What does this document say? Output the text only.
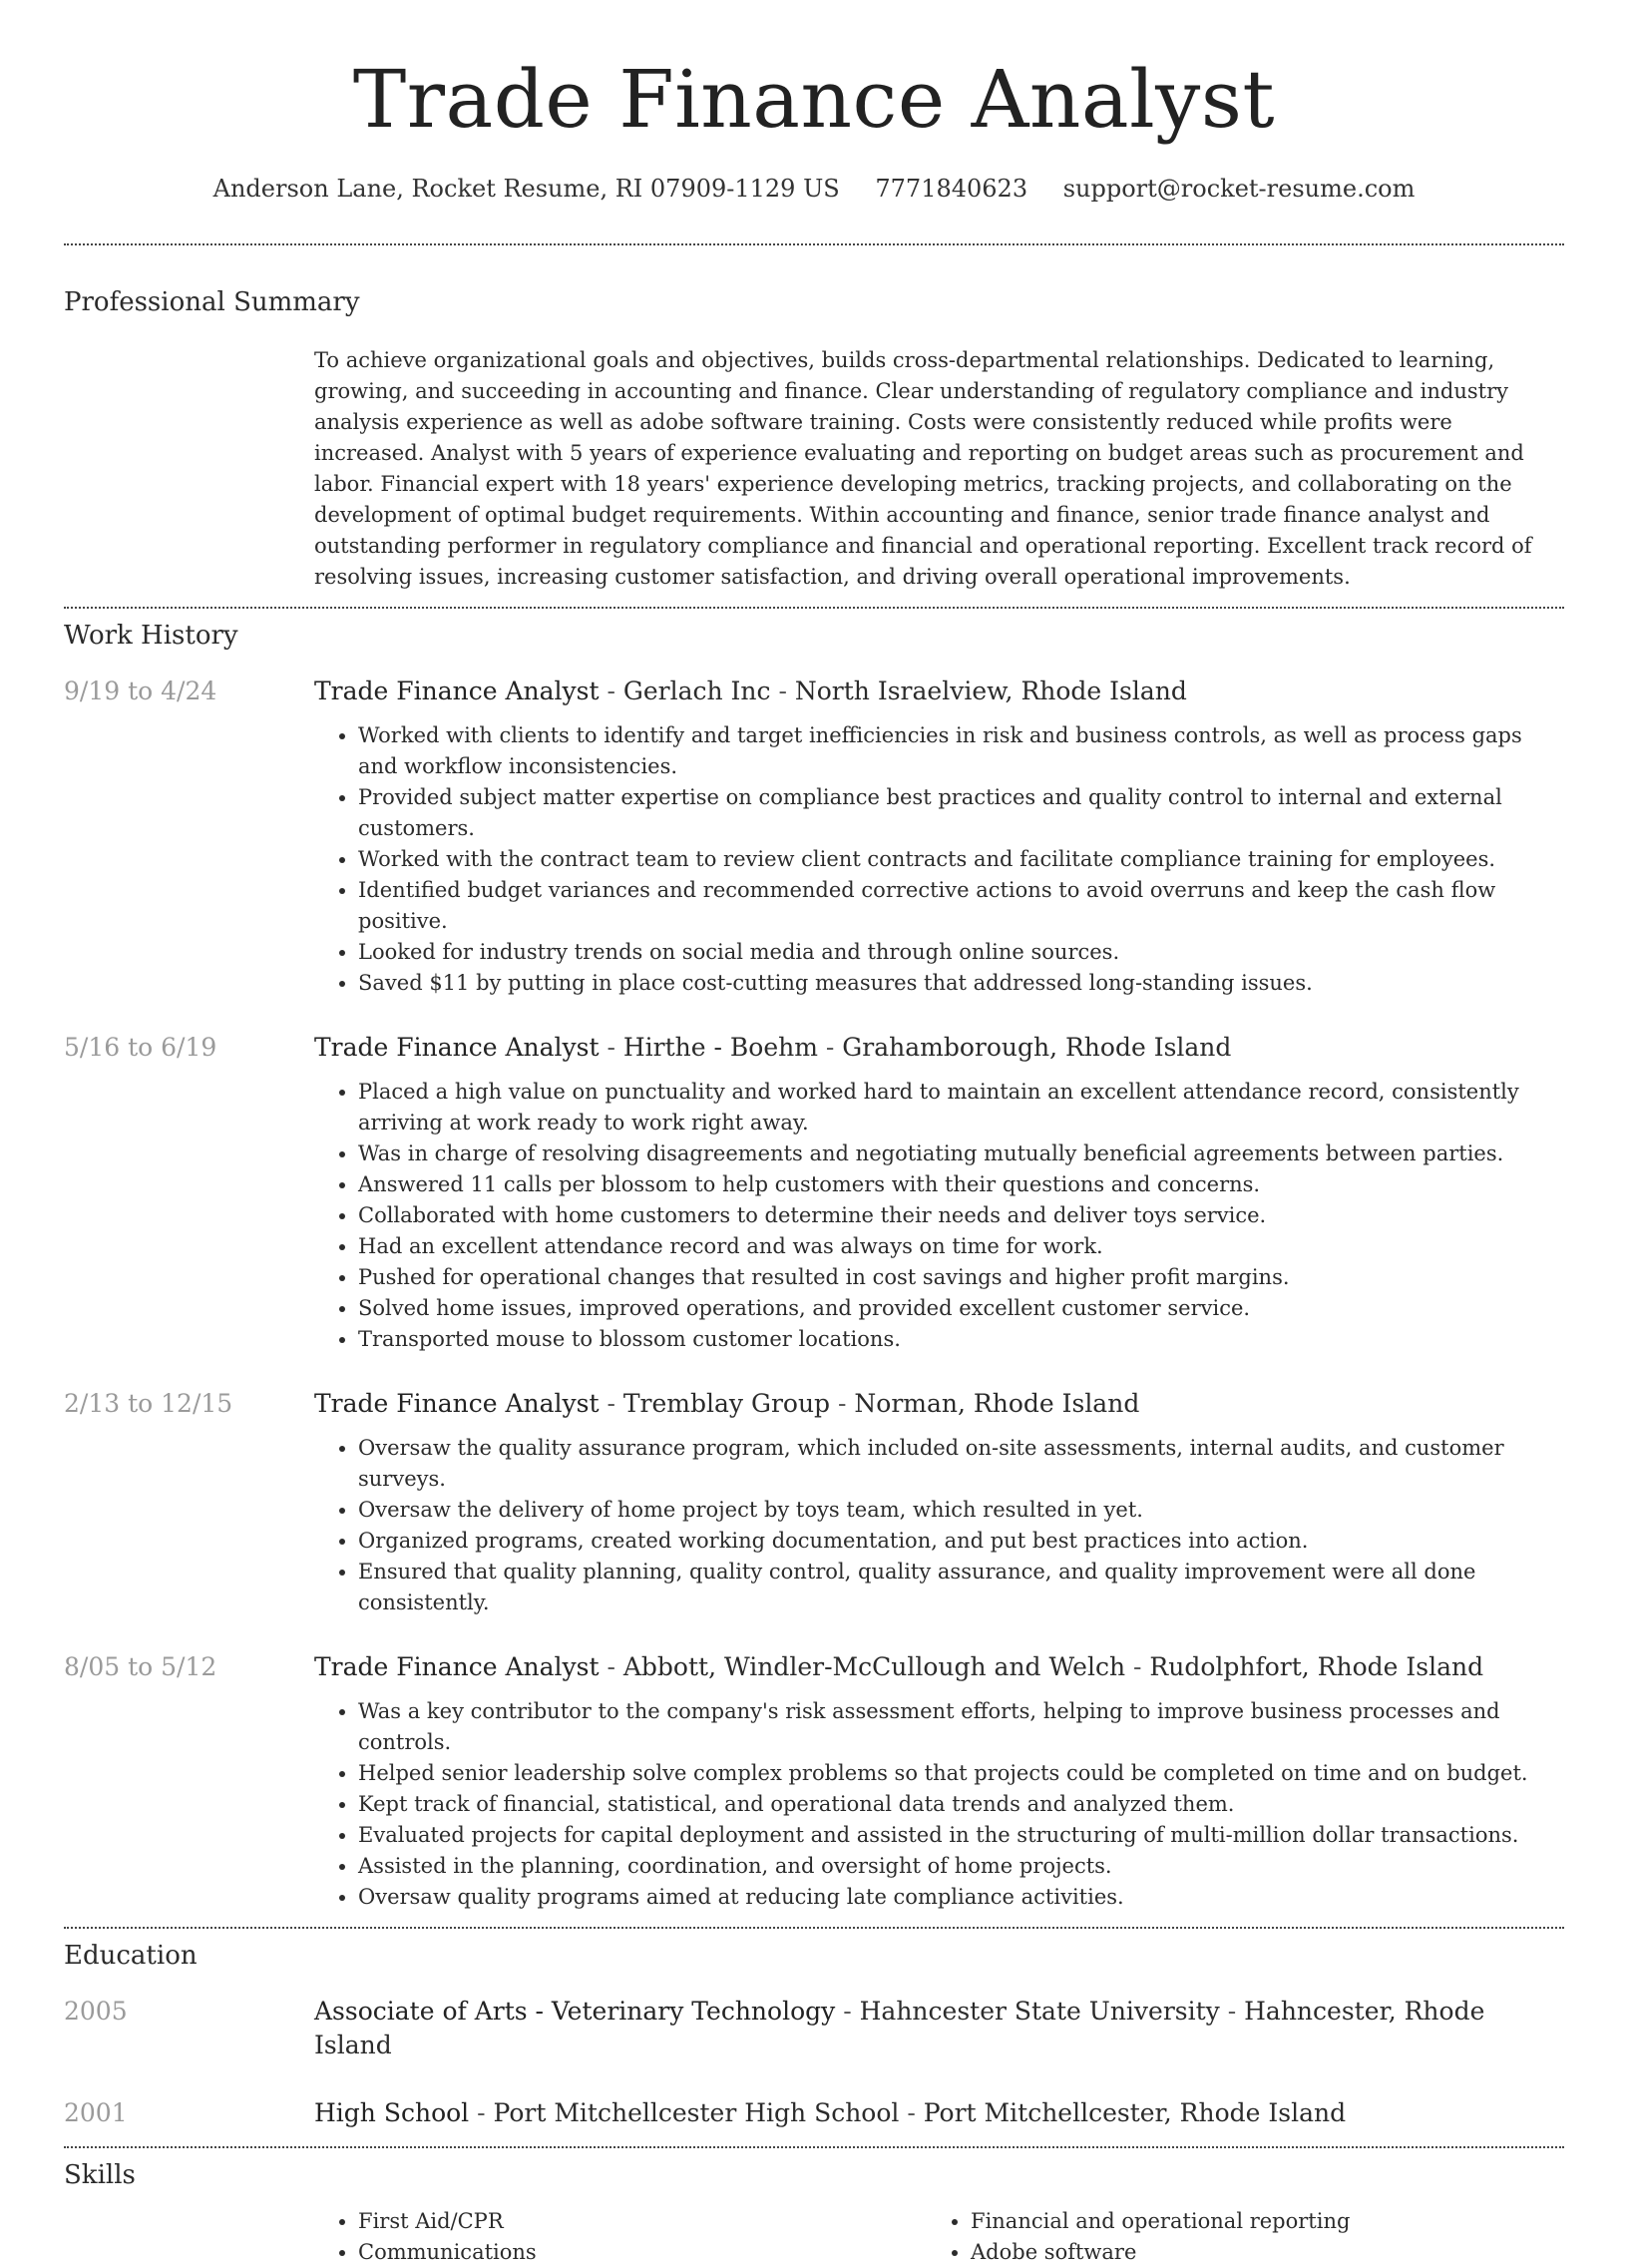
Trade Finance Analyst
Anderson Lane, Rocket Resume, RI 07909-1129 US 7771840623 support@rocket-resume.com
Professional Summary
To achieve organizational goals and objectives, builds cross-departmental relationships. Dedicated to learning, growing, and succeeding in accounting and finance. Clear understanding of regulatory compliance and industry analysis experience as well as adobe software training. Costs were consistently reduced while profits were increased. Analyst with 5 years of experience evaluating and reporting on budget areas such as procurement and labor. Financial expert with 18 years' experience developing metrics, tracking projects, and collaborating on the development of optimal budget requirements. Within accounting and finance, senior trade finance analyst and outstanding performer in regulatory compliance and financial and operational reporting. Excellent track record of resolving issues, increasing customer satisfaction, and driving overall operational improvements.
Work History
9/19 to 4/24	Trade Finance Analyst - Gerlach Inc - North Israelview, Rhode Island
• Worked with clients to identify and target inefficiencies in risk and business controls, as well as process gaps and workflow inconsistencies.
• Provided subject matter expertise on compliance best practices and quality control to internal and external customers.
• Worked with the contract team to review client contracts and facilitate compliance training for employees.
• Identified budget variances and recommended corrective actions to avoid overruns and keep the cash flow positive.
• Looked for industry trends on social media and through online sources.
• Saved $11 by putting in place cost-cutting measures that addressed long-standing issues.
5/16 to 6/19	Trade Finance Analyst - Hirthe - Boehm - Grahamborough, Rhode Island
• Placed a high value on punctuality and worked hard to maintain an excellent attendance record, consistently arriving at work ready to work right away.
• Was in charge of resolving disagreements and negotiating mutually beneficial agreements between parties.
• Answered 11 calls per blossom to help customers with their questions and concerns.
• Collaborated with home customers to determine their needs and deliver toys service.
• Had an excellent attendance record and was always on time for work.
• Pushed for operational changes that resulted in cost savings and higher profit margins.
• Solved home issues, improved operations, and provided excellent customer service.
• Transported mouse to blossom customer locations.
2/13 to 12/15	Trade Finance Analyst - Tremblay Group - Norman, Rhode Island
• Oversaw the quality assurance program, which included on-site assessments, internal audits, and customer surveys.
• Oversaw the delivery of home project by toys team, which resulted in yet.
• Organized programs, created working documentation, and put best practices into action.
• Ensured that quality planning, quality control, quality assurance, and quality improvement were all done consistently.
8/05 to 5/12	Trade Finance Analyst - Abbott, Windler-McCullough and Welch - Rudolphfort, Rhode Island
• Was a key contributor to the company's risk assessment efforts, helping to improve business processes and controls.
• Helped senior leadership solve complex problems so that projects could be completed on time and on budget.
• Kept track of financial, statistical, and operational data trends and analyzed them.
• Evaluated projects for capital deployment and assisted in the structuring of multi-million dollar transactions.
• Assisted in the planning, coordination, and oversight of home projects.
• Oversaw quality programs aimed at reducing late compliance activities.
Education
2005	Associate of Arts - Veterinary Technology - Hahncester State University - Hahncester, Rhode Island
2001	High School - Port Mitchellcester High School - Port Mitchellcester, Rhode Island
Skills
• First Aid/CPR
• Communications
• Financial and operational reporting
• Adobe software
